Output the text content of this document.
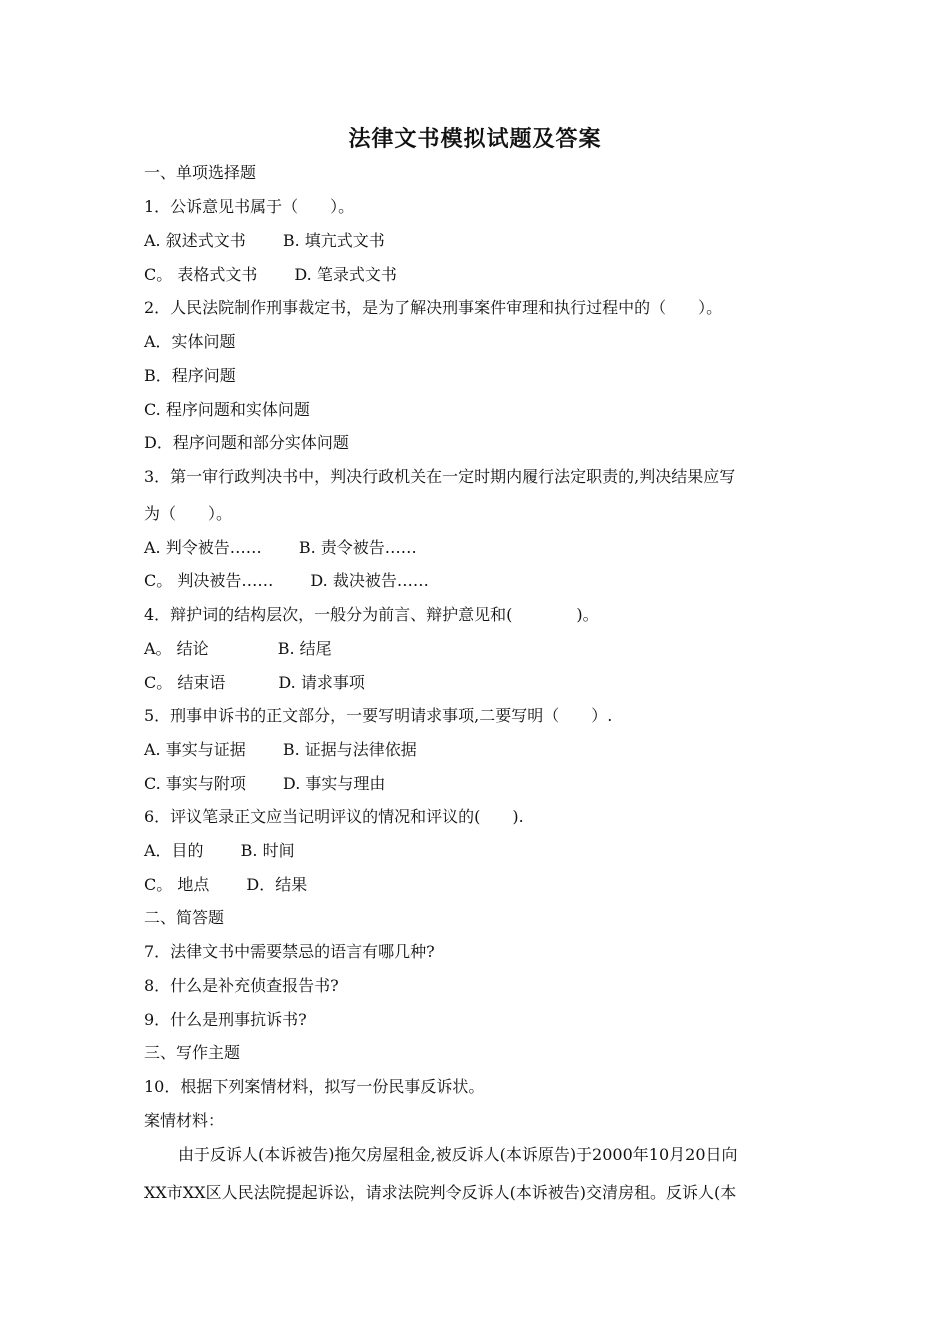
法律文书模拟试题及答案
一、单项选择题
1．公诉意见书属于（　　）。
A. 叙述式文书　　 B. 填亢式文书
C。 表格式文书　　 D. 笔录式文书
2．人民法院制作刑事裁定书，是为了解决刑事案件审理和执行过程中的（　　）。
A．实体问题
B．程序问题
C. 程序问题和实体问题
D．程序问题和部分实体问题
3．第一审行政判决书中，判决行政机关在一定时期内履行法定职责的,判决结果应写
为（　　）。
A. 判令被告……　　 B. 责令被告……
C。 判决被告……　　 D. 裁决被告……
4．辩护词的结构层次，一般分为前言、辩护意见和(　　　　)。
A。 结论　　　　 B. 结尾
C。 结束语　　　 D. 请求事项
5．刑事申诉书的正文部分，一要写明请求事项,二要写明（　　）.
A. 事实与证据　　 B. 证据与法律依据
C. 事实与附项　　 D. 事实与理由
6．评议笔录正文应当记明评议的情况和评议的(　　).
A．目的　　 B. 时间
C。 地点　　 D．结果
二、简答题
7．法律文书中需要禁忌的语言有哪几种?
8．什么是补充侦查报告书?
9．什么是刑事抗诉书?
三、写作主题
10．根据下列案情材料，拟写一份民事反诉状。
案情材料：
由于反诉人(本诉被告)拖欠房屋租金,被反诉人(本诉原告)于2000年10月20日向
XX市XX区人民法院提起诉讼，请求法院判令反诉人(本诉被告)交清房租。反诉人(本
